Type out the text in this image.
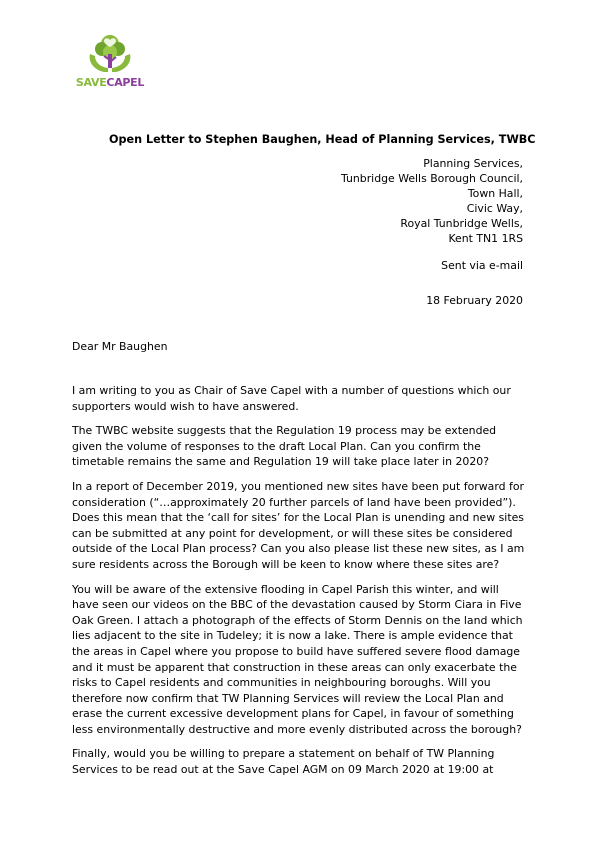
SAVECAPEL
Open Letter to Stephen Baughen, Head of Planning Services, TWBC
Planning Services,
Tunbridge Wells Borough Council,
Town Hall,
Civic Way,
Royal Tunbridge Wells,
Kent TN1 1RS
Sent via e-mail
18 February 2020
Dear Mr Baughen

I am writing to you as Chair of Save Capel with a number of questions which our supporters would wish to have answered.

The TWBC website suggests that the Regulation 19 process may be extended given the volume of responses to the draft Local Plan. Can you confirm the timetable remains the same and Regulation 19 will take place later in 2020?

In a report of December 2019, you mentioned new sites have been put forward for consideration (“…approximately 20 further parcels of land have been provided”). Does this mean that the ‘call for sites’ for the Local Plan is unending and new sites can be submitted at any point for development, or will these sites be considered outside of the Local Plan process? Can you also please list these new sites, as I am sure residents across the Borough will be keen to know where these sites are?

You will be aware of the extensive flooding in Capel Parish this winter, and will have seen our videos on the BBC of the devastation caused by Storm Ciara in Five Oak Green. I attach a photograph of the effects of Storm Dennis on the land which lies adjacent to the site in Tudeley; it is now a lake. There is ample evidence that the areas in Capel where you propose to build have suffered severe flood damage and it must be apparent that construction in these areas can only exacerbate the risks to Capel residents and communities in neighbouring boroughs. Will you therefore now confirm that TW Planning Services will review the Local Plan and erase the current excessive development plans for Capel, in favour of something less environmentally destructive and more evenly distributed across the borough?

Finally, would you be willing to prepare a statement on behalf of TW Planning Services to be read out at the Save Capel AGM on 09 March 2020 at 19:00 at
